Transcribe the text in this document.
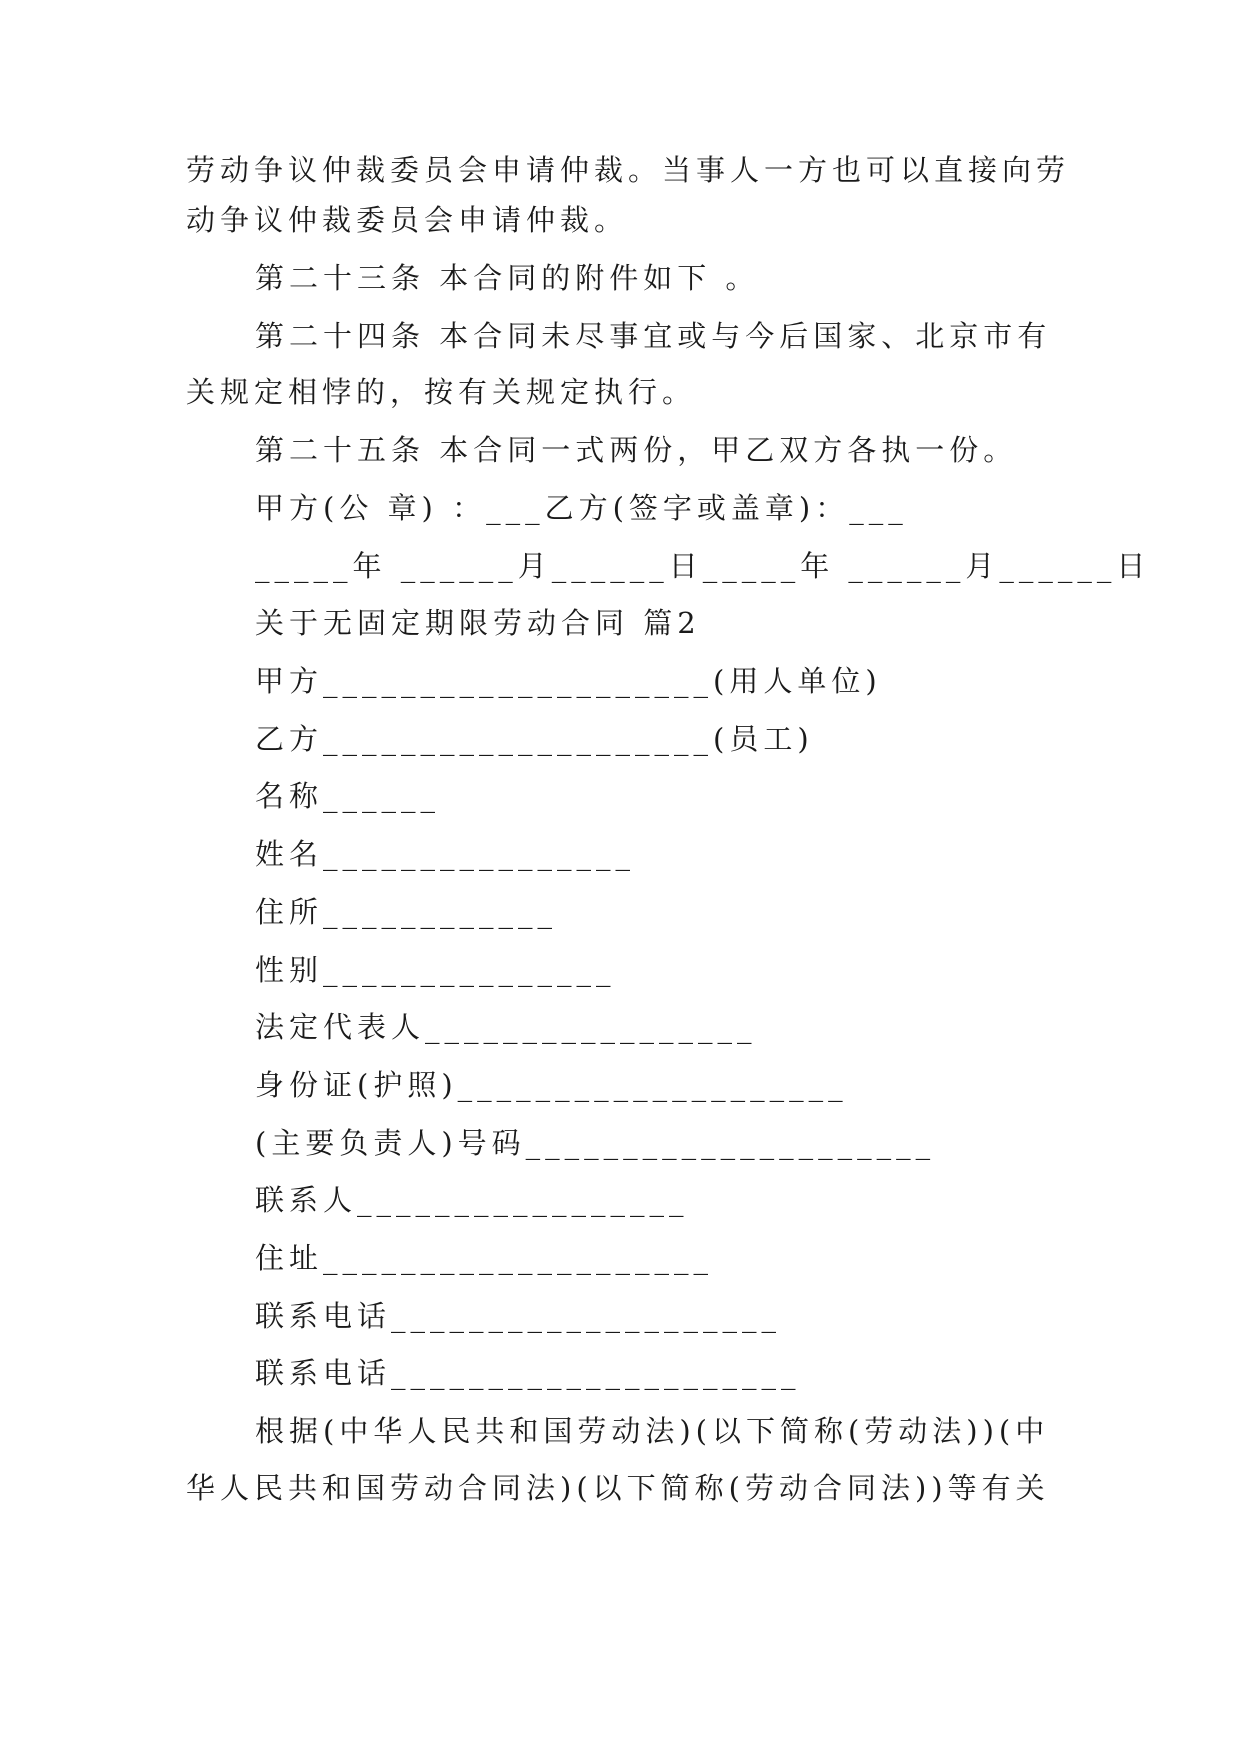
劳动争议仲裁委员会申请仲裁。当事人一方也可以直接向劳
动争议仲裁委员会申请仲裁。
第二十三条 本合同的附件如下 。
第二十四条 本合同未尽事宜或与今后国家、北京市有
关规定相悖的，按有关规定执行。
第二十五条 本合同一式两份，甲乙双方各执一份。
甲方(公 章) ：___乙方(签字或盖章)：___
_____年 ______月______日_____年 ______月______日
关于无固定期限劳动合同 篇2
甲方____________________(用人单位)
乙方____________________(员工)
名称______
姓名________________
住所____________
性别_______________
法定代表人_________________
身份证(护照)____________________
(主要负责人)号码_____________________
联系人_________________
住址____________________
联系电话____________________
联系电话_____________________
根据(中华人民共和国劳动法)(以下简称(劳动法))(中
华人民共和国劳动合同法)(以下简称(劳动合同法))等有关
